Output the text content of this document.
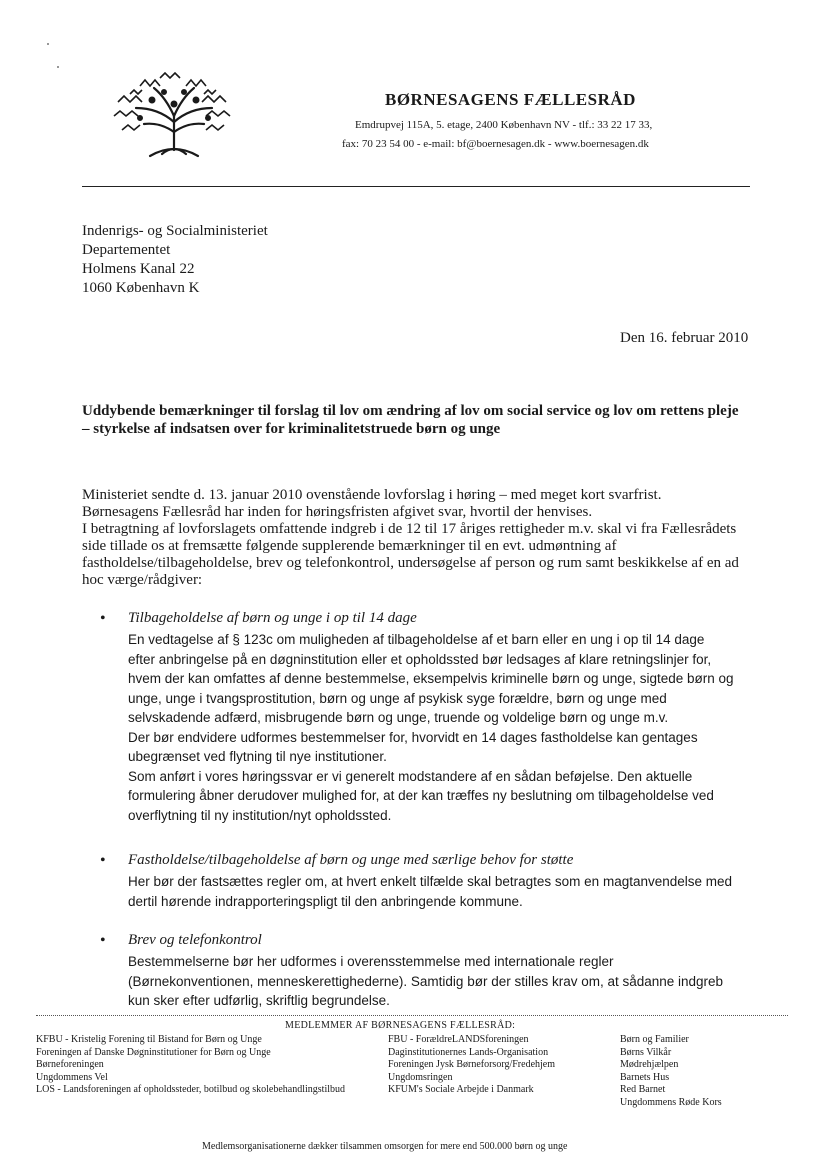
BØRNESAGENS FÆLLESRÅD
Emdrupvej 115A, 5. etage, 2400 København NV - tlf.: 33 22 17 33,
fax: 70 23 54 00 - e-mail: bf@boernesagen.dk - www.boernesagen.dk
Indenrigs- og Socialministeriet
Departementet
Holmens Kanal 22
1060 København K
Den 16. februar 2010
Uddybende bemærkninger til forslag til lov om ændring af lov om social service og lov om rettens pleje
– styrkelse af indsatsen over for kriminalitetstruede børn og unge
Ministeriet sendte d. 13. januar 2010 ovenstående lovforslag i høring – med meget kort svarfrist.
Børnesagens Fællesråd har inden for høringsfristen afgivet svar, hvortil der henvises.
I betragtning af lovforslagets omfattende indgreb i de 12 til 17 åriges rettigheder m.v. skal vi fra Fællesrådets
side tillade os at fremsætte følgende supplerende bemærkninger til en evt. udmøntning af
fastholdelse/tilbageholdelse, brev og telefonkontrol, undersøgelse af person og rum samt beskikkelse af en ad
hoc værge/rådgiver:
• Tilbageholdelse af børn og unge i op til 14 dage
En vedtagelse af § 123c om muligheden af tilbageholdelse af et barn eller en ung i op til 14 dage
efter anbringelse på en døgninstitution eller et opholdssted bør ledsages af klare retningslinjer for,
hvem der kan omfattes af denne bestemmelse, eksempelvis kriminelle børn og unge, sigtede børn og
unge, unge i tvangsprostitution, børn og unge af psykisk syge forældre, børn og unge med
selvskadende adfærd, misbrugende børn og unge, truende og voldelige børn og unge m.v.
Der bør endvidere udformes bestemmelser for, hvorvidt en 14 dages fastholdelse kan gentages
ubegrænset ved flytning til nye institutioner.
Som anført i vores høringssvar er vi generelt modstandere af en sådan beføjelse. Den aktuelle
formulering åbner derudover mulighed for, at der kan træffes ny beslutning om tilbageholdelse ved
overflytning til ny institution/nyt opholdssted.
• Fastholdelse/tilbageholdelse af børn og unge med særlige behov for støtte
Her bør der fastsættes regler om, at hvert enkelt tilfælde skal betragtes som en magtanvendelse med
dertil hørende indrapporteringspligt til den anbringende kommune.
• Brev og telefonkontrol
Bestemmelserne bør her udformes i overensstemmelse med internationale regler
(Børnekonventionen, menneskerettighederne). Samtidig bør der stilles krav om, at sådanne indgreb
kun sker efter udførlig, skriftlig begrundelse.
MEDLEMMER AF BØRNESAGENS FÆLLESRÅD:
KFBU - Kristelig Forening til Bistand for Børn og Unge
Foreningen af Danske Døgninstitutioner for Børn og Unge
Børneforeningen
Ungdommens Vel
LOS - Landsforeningen af opholdssteder, botilbud og skolebehandlingstilbud
FBU - ForældreLANDSforeningen
Daginstitutionernes Lands-Organisation
Foreningen Jysk Børneforsorg/Fredehjem
Ungdomsringen
KFUM's Sociale Arbejde i Danmark
Børn og Familier
Børns Vilkår
Mødrehjælpen
Barnets Hus
Red Barnet
Ungdommens Røde Kors
Medlemsorganisationerne dækker tilsammen omsorgen for mere end 500.000 børn og unge
